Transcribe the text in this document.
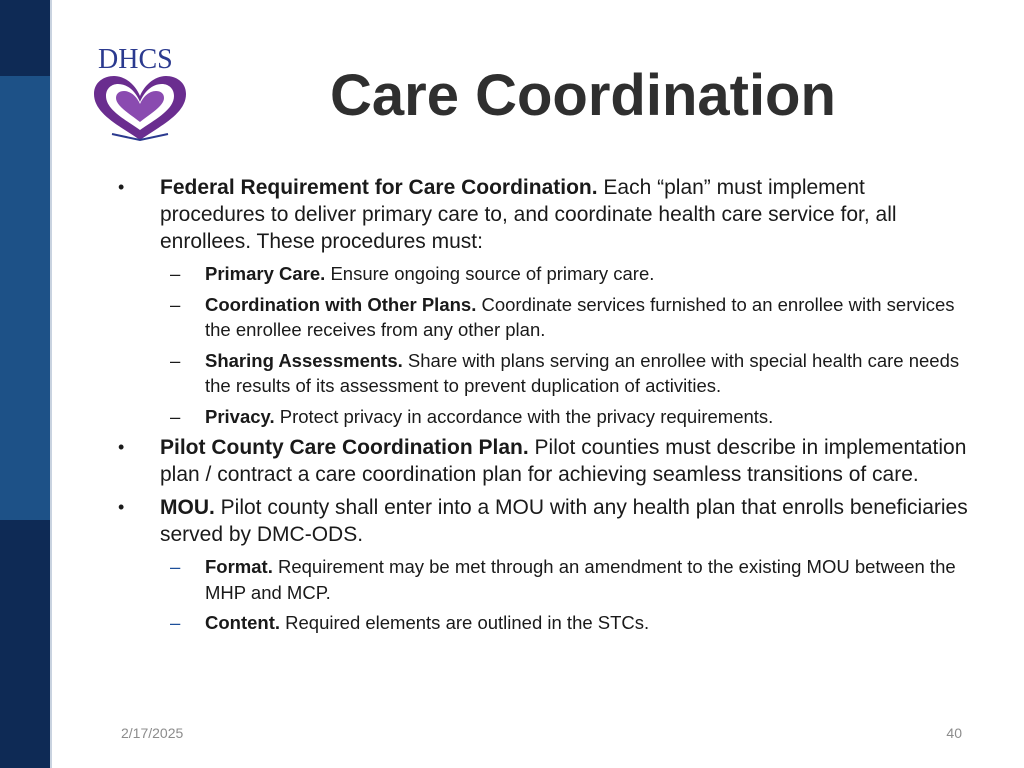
DHCS
Care Coordination
• Federal Requirement for Care Coordination. Each “plan” must implement procedures to deliver primary care to, and coordinate health care service for, all enrollees. These procedures must:
– Primary Care. Ensure ongoing source of primary care.
– Coordination with Other Plans. Coordinate services furnished to an enrollee with services the enrollee receives from any other plan.
– Sharing Assessments. Share with plans serving an enrollee with special health care needs the results of its assessment to prevent duplication of activities.
– Privacy. Protect privacy in accordance with the privacy requirements.
• Pilot County Care Coordination Plan. Pilot counties must describe in implementation plan / contract a care coordination plan for achieving seamless transitions of care.
• MOU. Pilot county shall enter into a MOU with any health plan that enrolls beneficiaries served by DMC-ODS.
– Format. Requirement may be met through an amendment to the existing MOU between the MHP and MCP.
– Content. Required elements are outlined in the STCs.
2/17/2025	40
